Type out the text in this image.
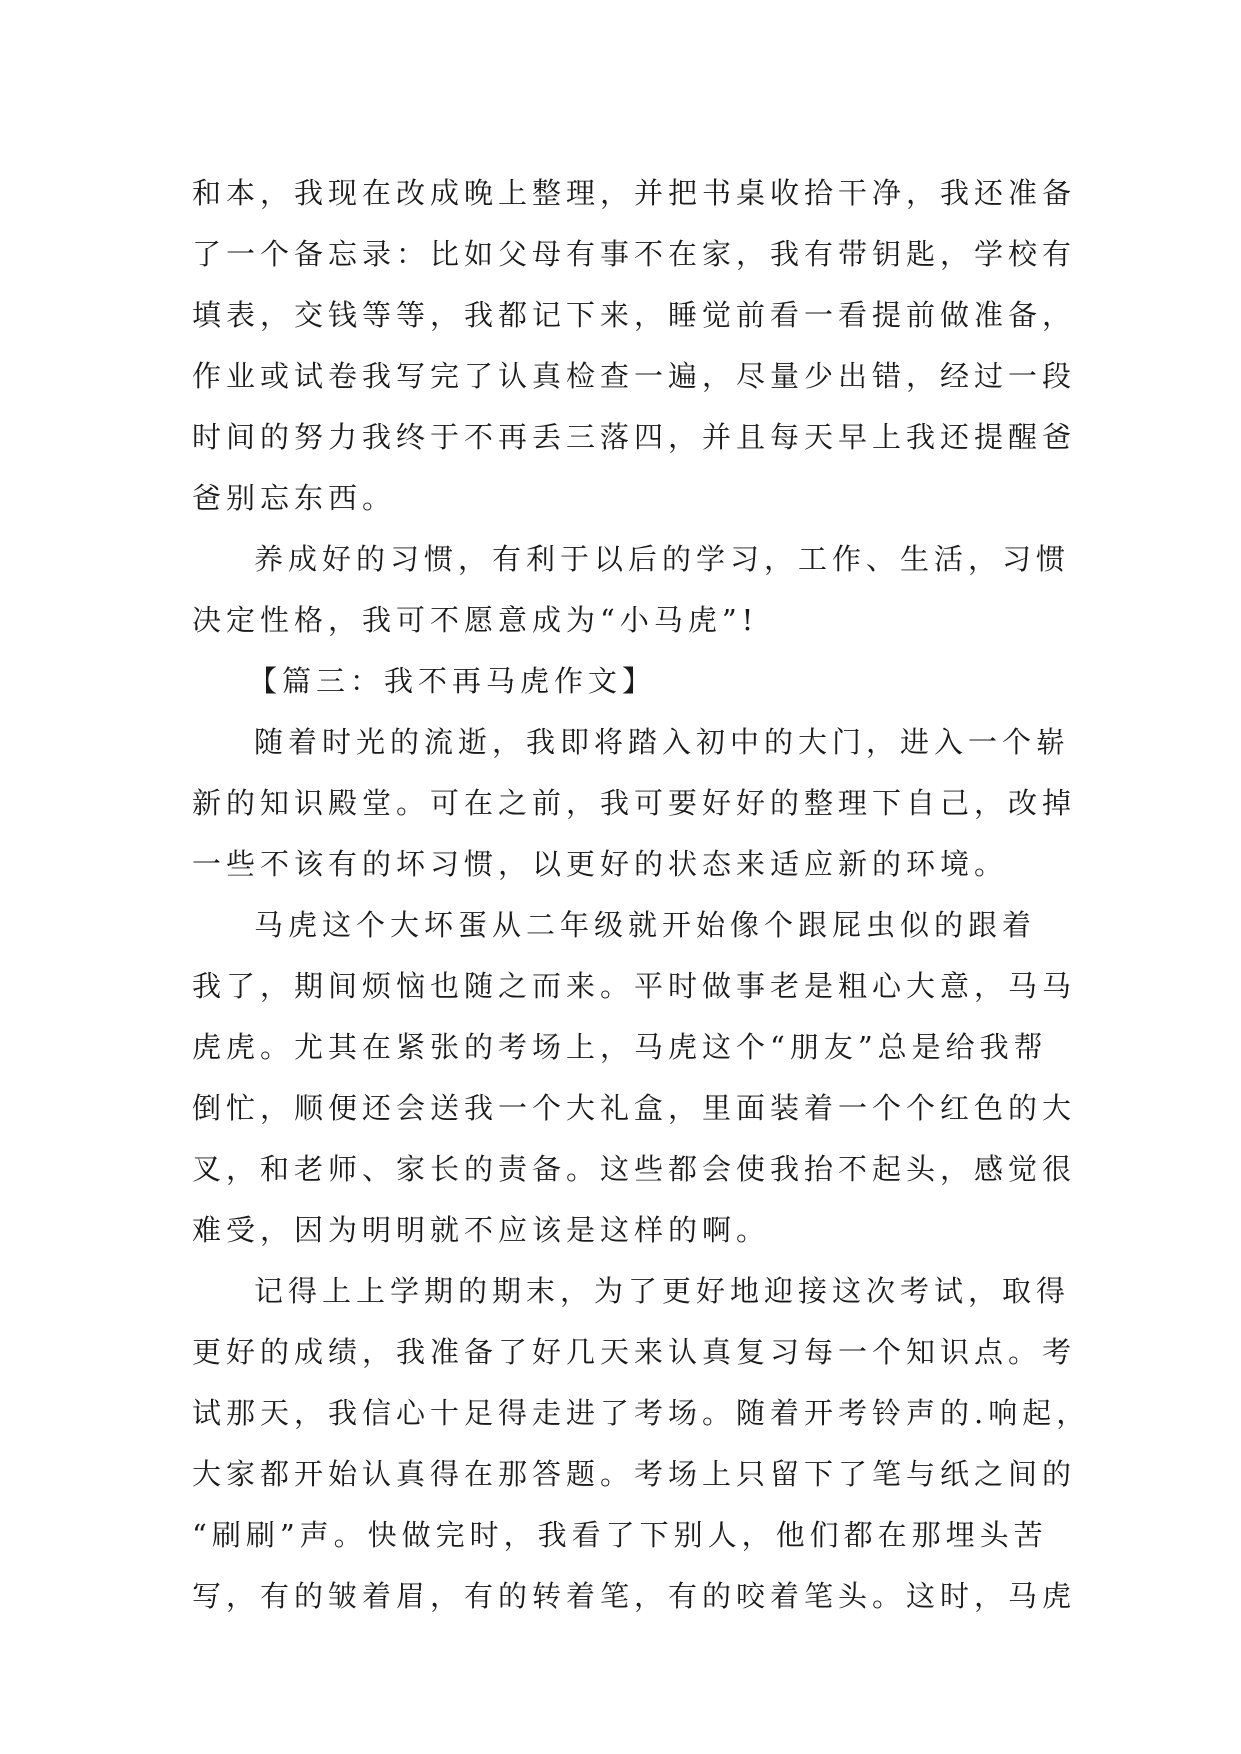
和本，我现在改成晚上整理，并把书桌收拾干净，我还准备
了一个备忘录：比如父母有事不在家，我有带钥匙，学校有
填表，交钱等等，我都记下来，睡觉前看一看提前做准备，
作业或试卷我写完了认真检查一遍，尽量少出错，经过一段
时间的努力我终于不再丢三落四，并且每天早上我还提醒爸
爸别忘东西。
养成好的习惯，有利于以后的学习，工作、生活，习惯
决定性格，我可不愿意成为“小马虎”!
【篇三：我不再马虎作文】
随着时光的流逝，我即将踏入初中的大门，进入一个崭
新的知识殿堂。可在之前，我可要好好的整理下自己，改掉
一些不该有的坏习惯，以更好的状态来适应新的环境。
马虎这个大坏蛋从二年级就开始像个跟屁虫似的跟着
我了，期间烦恼也随之而来。平时做事老是粗心大意，马马
虎虎。尤其在紧张的考场上，马虎这个“朋友”总是给我帮
倒忙，顺便还会送我一个大礼盒，里面装着一个个红色的大
叉，和老师、家长的责备。这些都会使我抬不起头，感觉很
难受，因为明明就不应该是这样的啊。
记得上上学期的期末，为了更好地迎接这次考试，取得
更好的成绩，我准备了好几天来认真复习每一个知识点。考
试那天，我信心十足得走进了考场。随着开考铃声的.响起，
大家都开始认真得在那答题。考场上只留下了笔与纸之间的
“刷刷”声。快做完时，我看了下别人，他们都在那埋头苦
写，有的皱着眉，有的转着笔，有的咬着笔头。这时，马虎
